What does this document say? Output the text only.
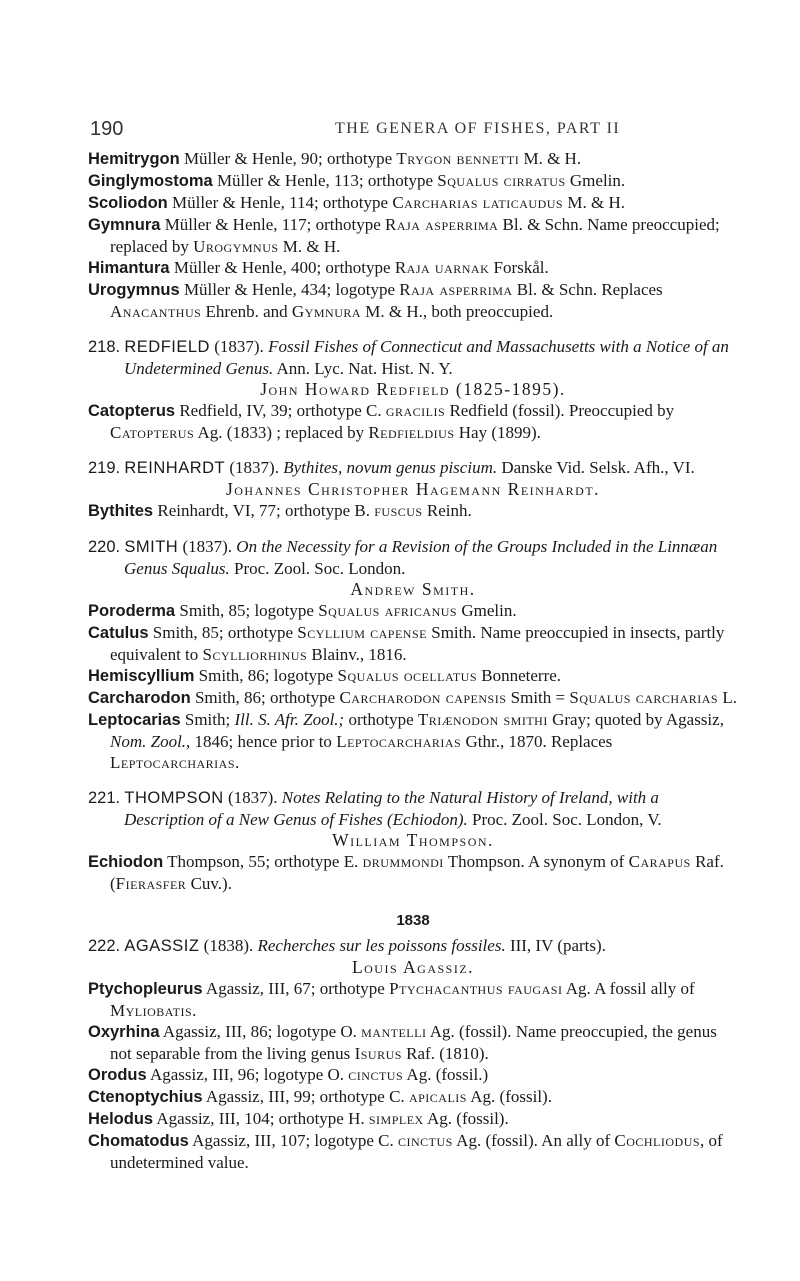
190	THE GENERA OF FISHES, PART II

Hemitrygon Müller & Henle, 90; orthotype Trygon bennetti M. & H.

Ginglymostoma Müller & Henle, 113; orthotype Squalus cirratus Gmelin.

Scoliodon Müller & Henle, 114; orthotype Carcharias laticaudus M. & H.

Gymnura Müller & Henle, 117; orthotype Raja asperrima Bl. & Schn. Name preoccupied; replaced by Urogymnus M. & H.

Himantura Müller & Henle, 400; orthotype Raja uarnak Forskål.

Urogymnus Müller & Henle, 434; logotype Raja asperrima Bl. & Schn. Replaces Anacanthus Ehrenb. and Gymnura M. & H., both preoccupied.

218. REDFIELD (1837). Fossil Fishes of Connecticut and Massachusetts with a Notice of an Undetermined Genus. Ann. Lyc. Nat. Hist. N. Y.

John Howard Redfield (1825-1895).

Catopterus Redfield, IV, 39; orthotype C. gracilis Redfield (fossil). Preoccupied by Catopterus Ag. (1833) ; replaced by Redfieldius Hay (1899).

219. REINHARDT (1837). Bythites, novum genus piscium. Danske Vid. Selsk. Afh., VI.

Johannes Christopher Hagemann Reinhardt.

Bythites Reinhardt, VI, 77; orthotype B. fuscus Reinh.

220. SMITH (1837). On the Necessity for a Revision of the Groups Included in the Linnæan Genus Squalus. Proc. Zool. Soc. London.

Andrew Smith.

Poroderma Smith, 85; logotype Squalus africanus Gmelin.

Catulus Smith, 85; orthotype Scyllium capense Smith. Name preoccupied in insects, partly equivalent to Scylliorhinus Blainv., 1816.

Hemiscyllium Smith, 86; logotype Squalus ocellatus Bonneterre.

Carcharodon Smith, 86; orthotype Carcharodon capensis Smith = Squalus carcharias L.

Leptocarias Smith; Ill. S. Afr. Zool.; orthotype Triænodon smithi Gray; quoted by Agassiz, Nom. Zool., 1846; hence prior to Leptocarcharias Gthr., 1870. Replaces Leptocarcharias.

221. THOMPSON (1837). Notes Relating to the Natural History of Ireland, with a Description of a New Genus of Fishes (Echiodon). Proc. Zool. Soc. London, V.

William Thompson.

Echiodon Thompson, 55; orthotype E. drummondi Thompson. A synonym of Carapus Raf. (Fierasfer Cuv.).

1838

222. AGASSIZ (1838). Recherches sur les poissons fossiles. III, IV (parts).

Louis Agassiz.

Ptychopleurus Agassiz, III, 67; orthotype Ptychacanthus faugasi Ag. A fossil ally of Myliobatis.

Oxyrhina Agassiz, III, 86; logotype O. mantelli Ag. (fossil). Name preoccupied, the genus not separable from the living genus Isurus Raf. (1810).

Orodus Agassiz, III, 96; logotype O. cinctus Ag. (fossil.)

Ctenoptychius Agassiz, III, 99; orthotype C. apicalis Ag. (fossil).

Helodus Agassiz, III, 104; orthotype H. simplex Ag. (fossil).

Chomatodus Agassiz, III, 107; logotype C. cinctus Ag. (fossil). An ally of Cochliodus, of undetermined value.
